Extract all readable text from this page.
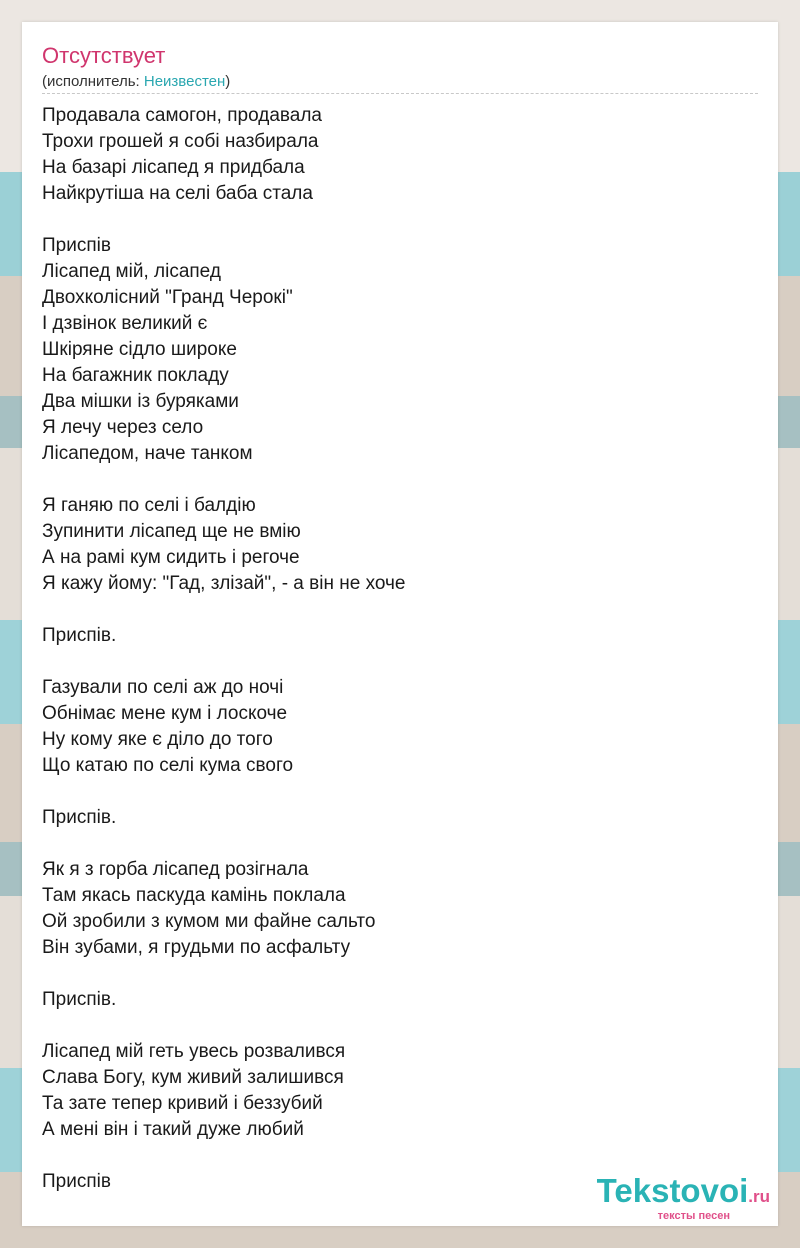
Отсутствует
(исполнитель: Неизвестен)
Продавала самогон, продавала
Трохи грошей я собі назбирала
На базарі лісапед я придбала
Найкрутіша на селі баба стала
Приспів
Лісапед мій, лісапед
Двохколісний "Гранд Черокі"
І дзвінок великий є
Шкіряне сідло широке
На багажник покладу
Два мішки із буряками
Я лечу через село
Лісапедом, наче танком
Я ганяю по селі і балдію
Зупинити лісапед ще не вмію
А на рамі кум сидить і регоче
Я кажу йому: "Гад, злізай", - а він не хоче
Приспів.
Газували по селі аж до ночі
Обнімає мене кум і лоскоче
Ну кому яке є діло до того
Що катаю по селі кума свого
Приспів.
Як я з горба лісапед розігнала
Там якась паскуда камінь поклала
Ой зробили з кумом ми файне сальто
Він зубами, я грудьми по асфальту
Приспів.
Лісапед мій геть увесь розвалився
Слава Богу, кум живий залишився
Та зате тепер кривий і беззубий
А мені він і такий дуже любий
Приспів	Tekstovoi.ru
тексты песен
